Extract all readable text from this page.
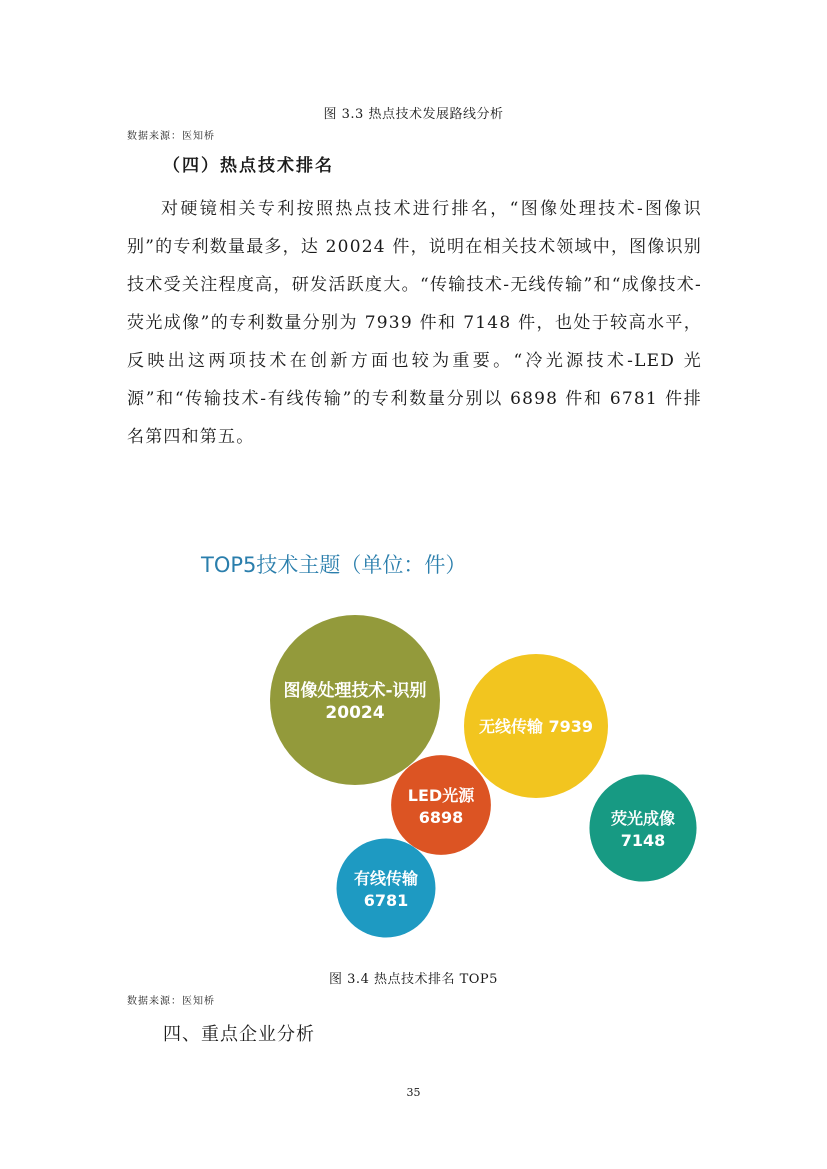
图 3.3 热点技术发展路线分析
数据来源：医知桥
（四）热点技术排名

对硬镜相关专利按照热点技术进行排名，“图像处理技术-图像识别”的专利数量最多，达 20024 件，说明在相关技术领域中，图像识别技术受关注程度高，研发活跃度大。“传输技术-无线传输”和“成像技术-荧光成像”的专利数量分别为 7939 件和 7148 件，也处于较高水平，反映出这两项技术在创新方面也较为重要。“冷光源技术-LED 光源”和“传输技术-有线传输”的专利数量分别以 6898 件和 6781 件排名第四和第五。

TOP5技术主题（单位：件）
图像处理技术-识别
20024
无线传输 7939
荧光成像
7148
LED光源
6898
有线传输
6781
图 3.4 热点技术排名 TOP5
数据来源：医知桥
四、重点企业分析
35
